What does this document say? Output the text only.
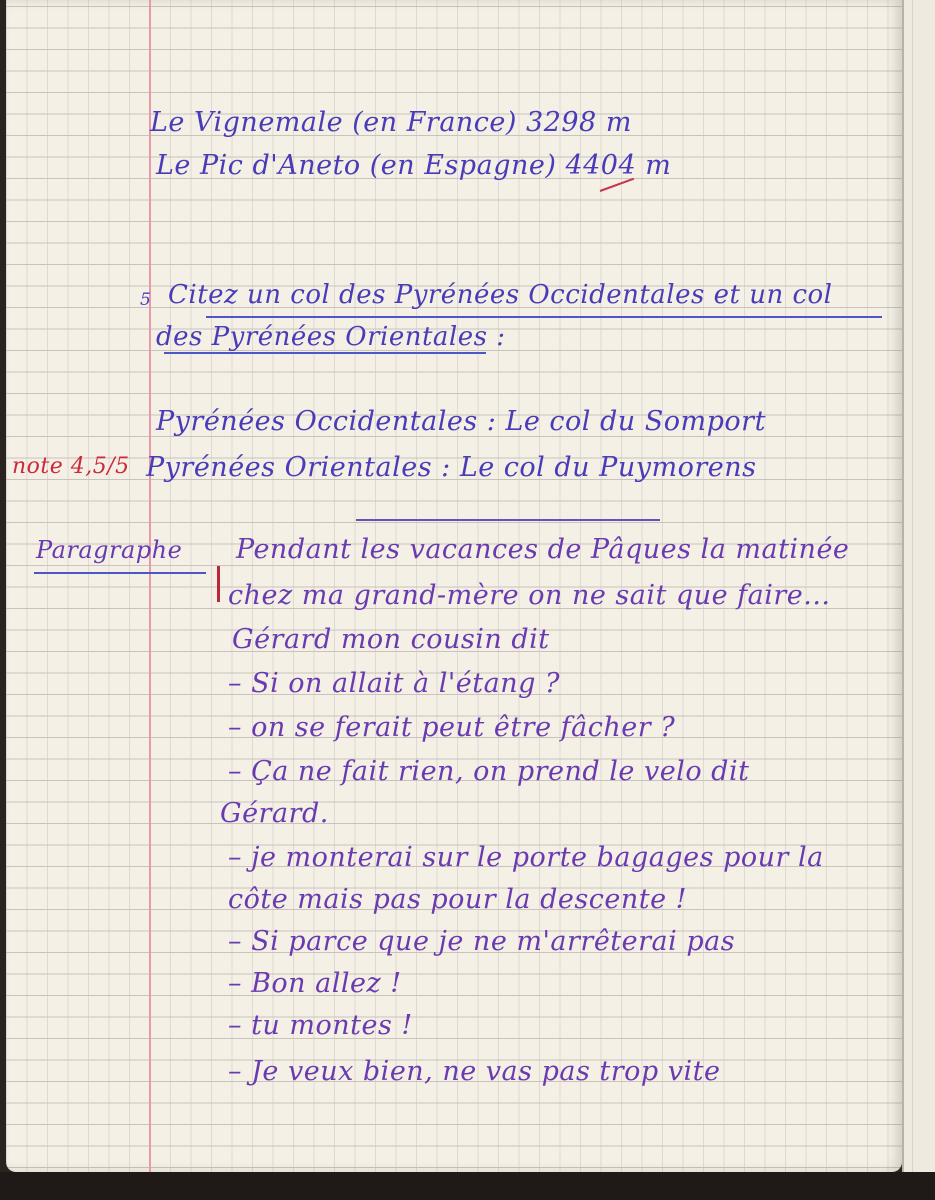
Le Vignemale (en France) 3298 m
Le Pic d'Aneto (en Espagne) 4404 m
5 Citez un col des Pyrénées Occidentales et un col
des Pyrénées Orientales :
Pyrénées Occidentales : Le col du Somport
note 4,5/5 Pyrénées Orientales : Le col du Puymorens
Paragraphe Pendant les vacances de Pâques la matinée
chez ma grand-mère on ne sait que faire...
Gérard mon cousin dit
– Si on allait à l'étang ?
– on se ferait peut être fâcher ?
– Ça ne fait rien, on prend le velo dit
Gérard.
– je monterai sur le porte bagages pour la
côte mais pas pour la descente !
– Si parce que je ne m'arrêterai pas
– Bon allez !
– tu montes !
– Je veux bien, ne vas pas trop vite
